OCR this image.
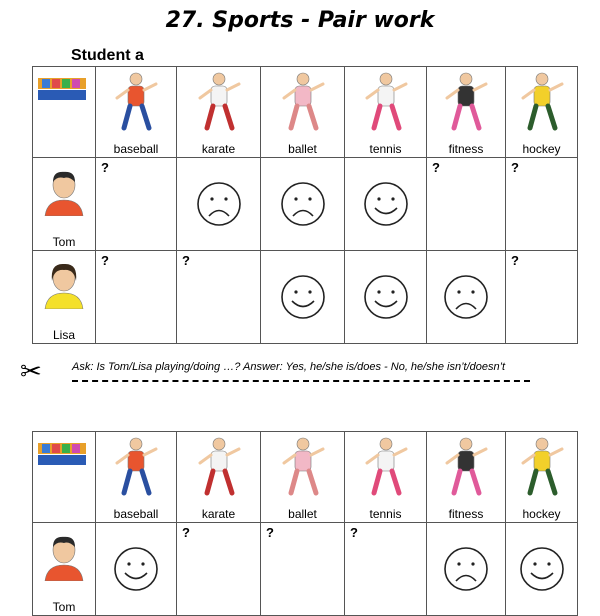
27. Sports - Pair work
Student a

baseball	karate	ballet	tennis	fitness	hockey

Tom	?				?	?

Lisa	?	?				?
✂	Ask: Is Tom/Lisa playing/doing …? Answer: Yes, he/she is/does - No, he/she isn’t/doesn’t

baseball	karate	ballet	tennis	fitness	hockey

Tom		?	?	?
